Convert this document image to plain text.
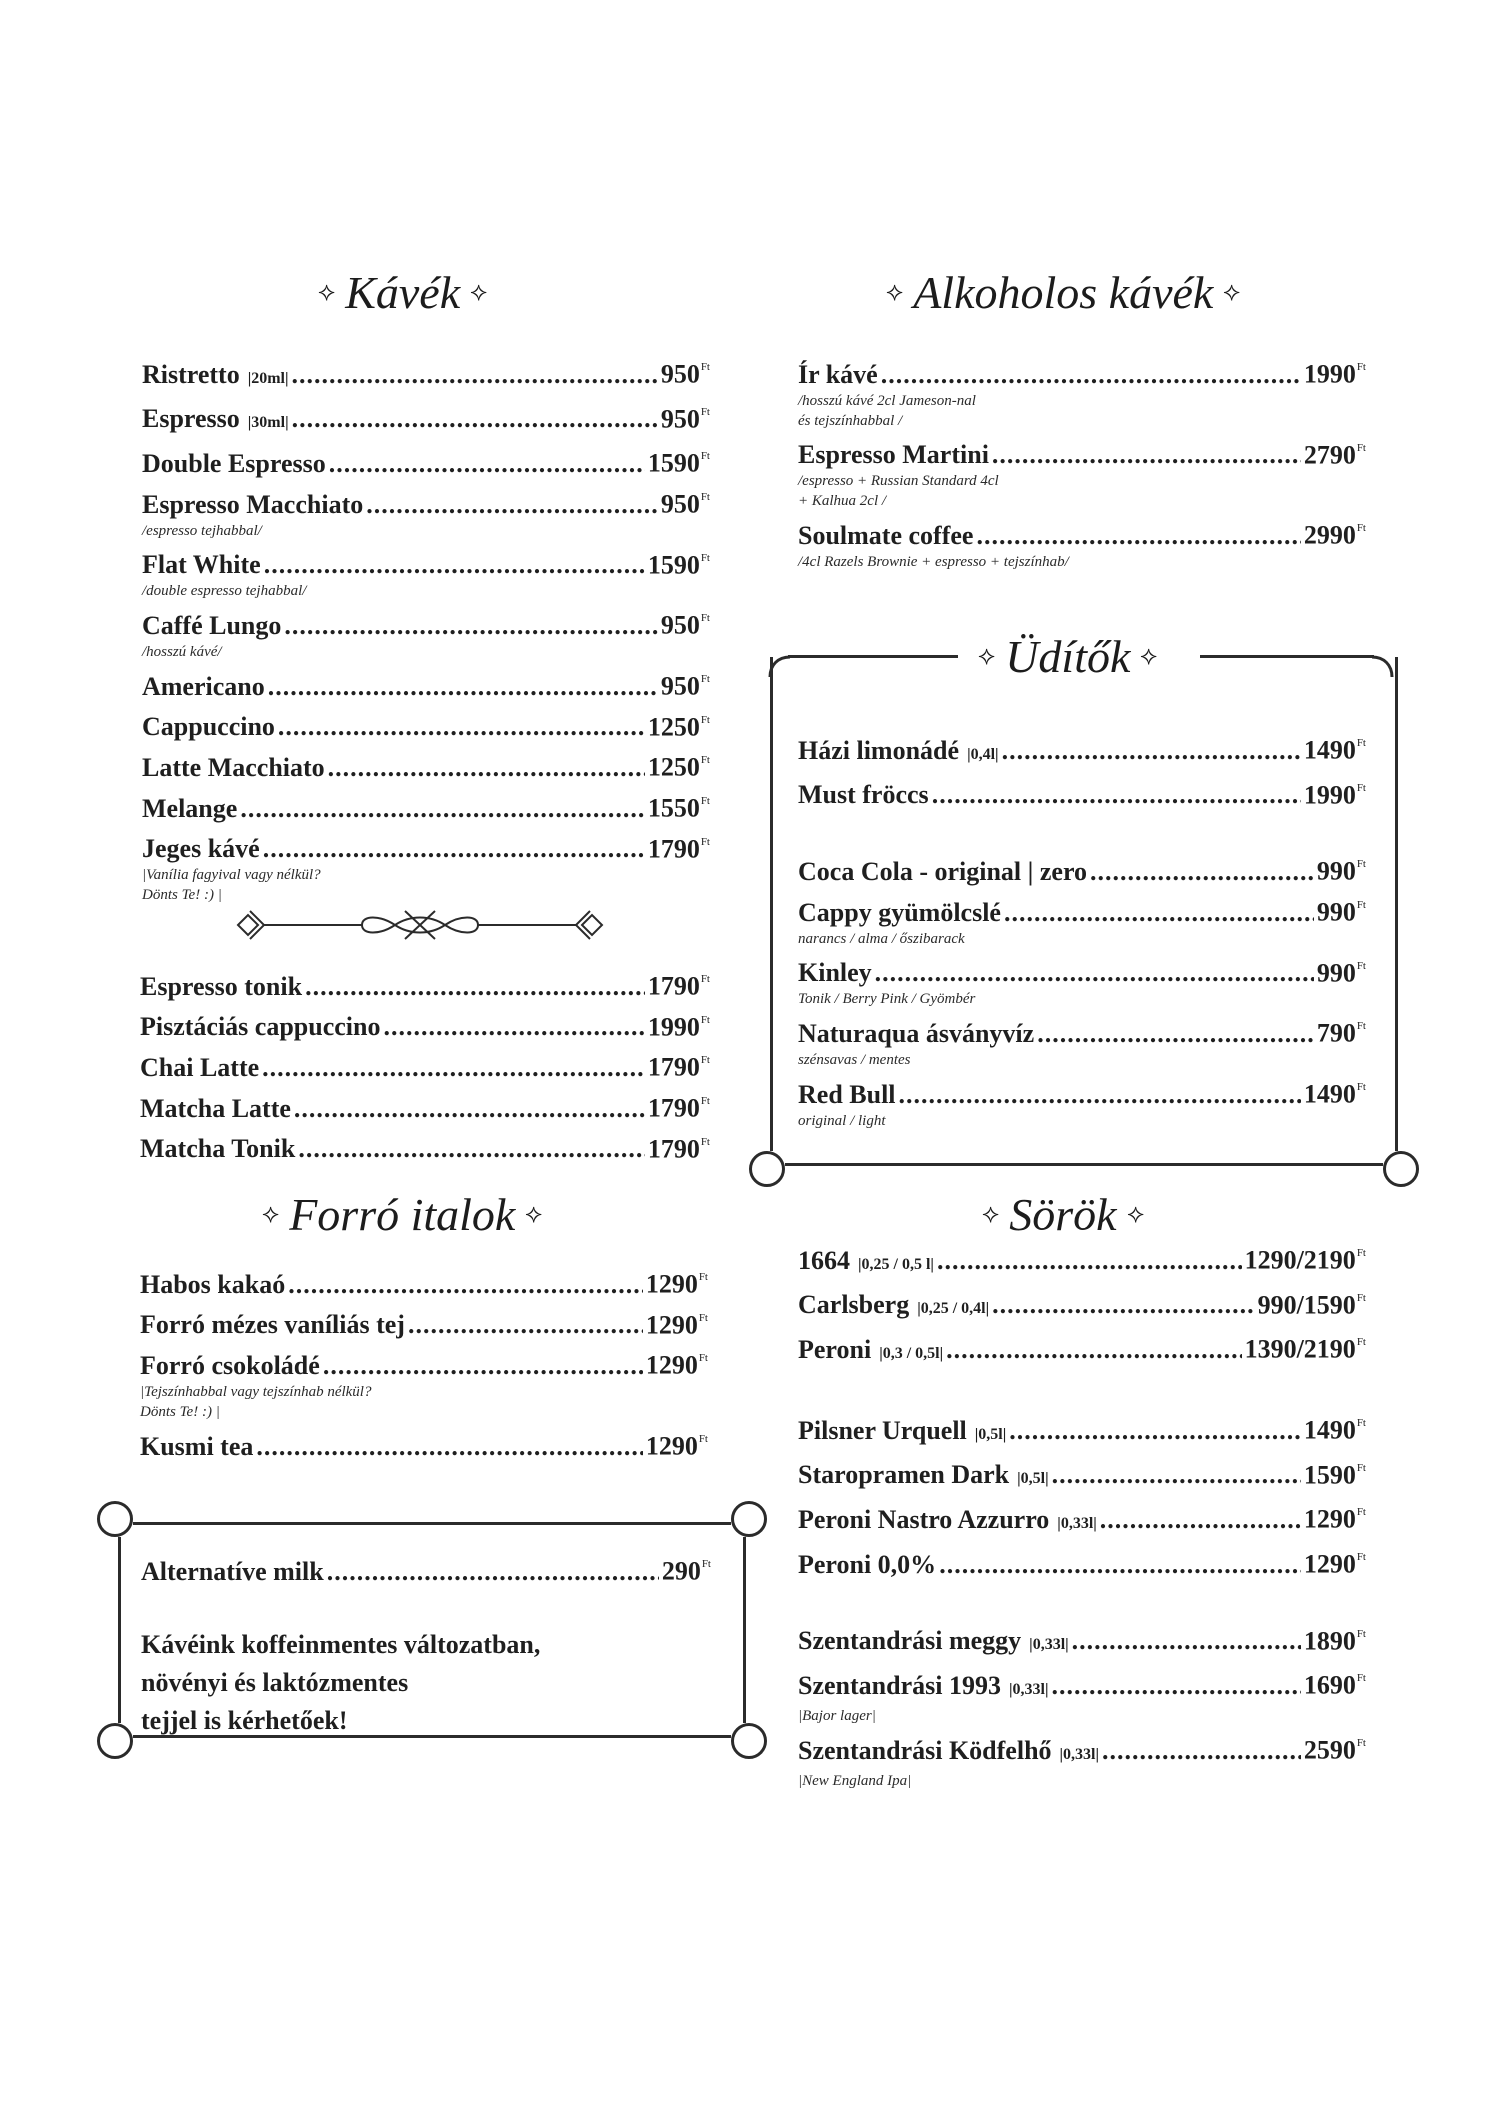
⟡ Kávék ⟡
Ristretto |20ml| .....	$950^{Ft}$
Espresso |30ml| .....	$950^{Ft}$
Double Espresso .....	$1590^{Ft}$
Espresso Macchiato .....	$950^{Ft}$
/espresso tejhabbal/
Flat White .....	$1590^{Ft}$
/double espresso tejhabbal/
Caffé Lungo .....	$950^{Ft}$
/hosszú kávé/
Americano .....	$950^{Ft}$
Cappuccino .....	$1250^{Ft}$
Latte Macchiato .....	$1250^{Ft}$
Melange .....	$1550^{Ft}$
Jeges kávé .....	$1790^{Ft}$
|Vanília fagyival vagy nélkül?
Dönts Te! :) |
Espresso tonik .....	$1790^{Ft}$
Pisztáciás cappuccino .....	$1990^{Ft}$
Chai Latte .....	$1790^{Ft}$
Matcha Latte .....	$1790^{Ft}$
Matcha Tonik .....	$1790^{Ft}$
⟡ Forró italok ⟡
Habos kakaó .....	$1290^{Ft}$
Forró mézes vaníliás tej .....	$1290^{Ft}$
Forró csokoládé .....	$1290^{Ft}$
|Tejszínhabbal vagy tejszínhab nélkül?
Dönts Te! :) |
Kusmi tea .....	$1290^{Ft}$
Alternatíve milk .....	$290^{Ft}$
Kávéink koffeinmentes változatban,
növényi és laktózmentes
tejjel is kérhetőek!
⟡ Alkoholos kávék ⟡
Ír kávé .....	$1990^{Ft}$
/hosszú kávé 2cl Jameson-nal
és tejszínhabbal /
Espresso Martini .....	$2790^{Ft}$
/espresso + Russian Standard 4cl
+ Kalhua 2cl /
Soulmate coffee .....	$2990^{Ft}$
/4cl Razels Brownie + espresso + tejszínhab/
⟡ Üdítők ⟡
Házi limonádé |0,4l| .....	$1490^{Ft}$
Must fröccs .....	$1990^{Ft}$
Coca Cola - original | zero .....	$990^{Ft}$
Cappy gyümölcslé .....	$990^{Ft}$
narancs / alma / őszibarack
Kinley .....	$990^{Ft}$
Tonik / Berry Pink / Gyömbér
Naturaqua ásványvíz .....	$790^{Ft}$
szénsavas / mentes
Red Bull .....	$1490^{Ft}$
original / light
⟡ Sörök ⟡
1664 |0,25 / 0,5 l| .....	$1290/2190^{Ft}$
Carlsberg |0,25 / 0,4l| .....	$990/1590^{Ft}$
Peroni |0,3 / 0,5l| .....	$1390/2190^{Ft}$
Pilsner Urquell |0,5l| .....	$1490^{Ft}$
Staropramen Dark |0,5l| .....	$1590^{Ft}$
Peroni Nastro Azzurro |0,33l| .....	$1290^{Ft}$
Peroni 0,0% .....	$1290^{Ft}$
Szentandrási meggy |0,33l| .....	$1890^{Ft}$
Szentandrási 1993 |0,33l| .....	$1690^{Ft}$
|Bajor lager|
Szentandrási Ködfelhő |0,33l| .....	$2590^{Ft}$
|New England Ipa|
